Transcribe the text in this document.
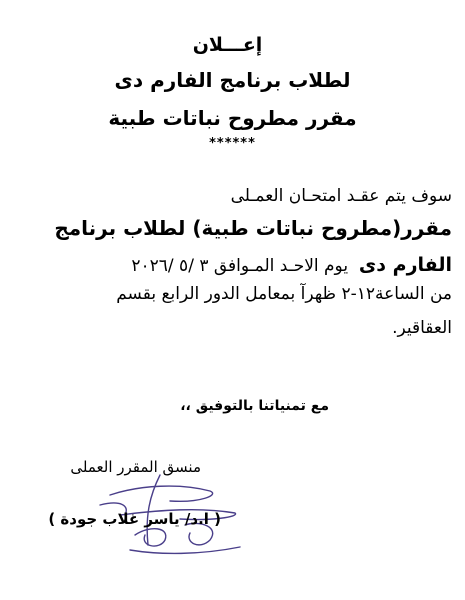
إعـــلان
لطلاب برنامج الفارم دى
مقرر مطروح نباتات طبية
******
سوف يتم عقـد امتحـان العمـلى
مقرر(مطروح نباتات طبية) لطلاب برنامج
الفارم دى  يوم الاحـد المـوافق ٣ /٥ /٢٠٢٦
من الساعة١٢-٢ ظهرآ بمعامل الدور الرابع بقسم
العقاقير.
مع تمنياتنا بالتوفيق ،،
منسق المقرر العملى
( ا.د/ ياسر غلاب جودة )
